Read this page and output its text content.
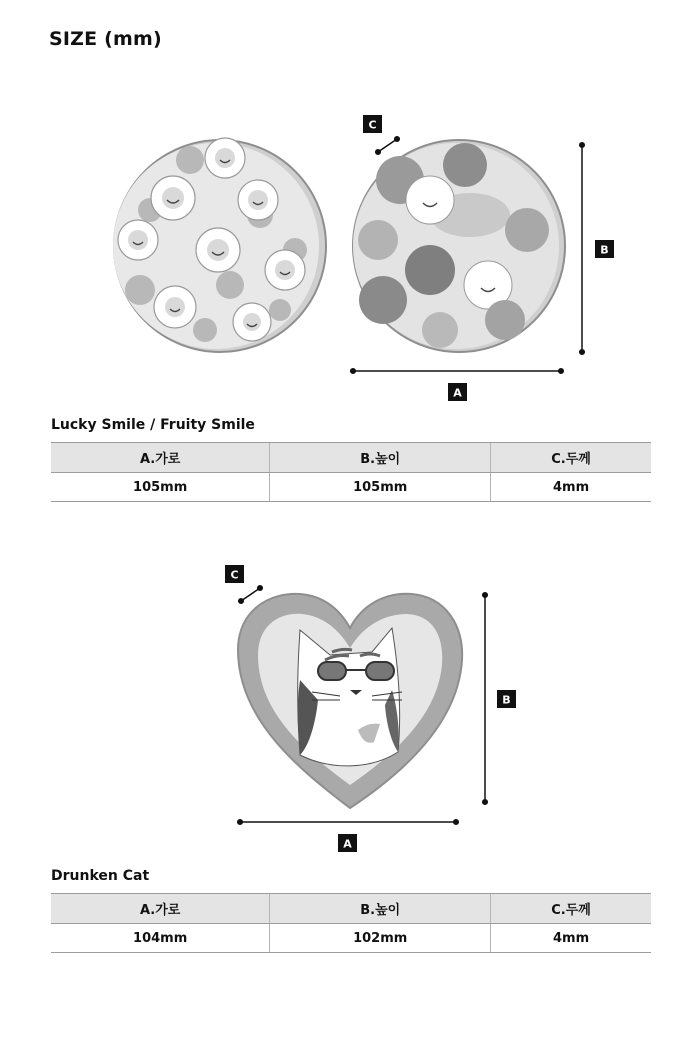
SIZE (mm)
C
B
A
Lucky Smile / Fruity Smile
A.가로	B.높이	C.두께
105mm	105mm	4mm
C
B
A
Drunken Cat
A.가로	B.높이	C.두께
104mm	102mm	4mm
